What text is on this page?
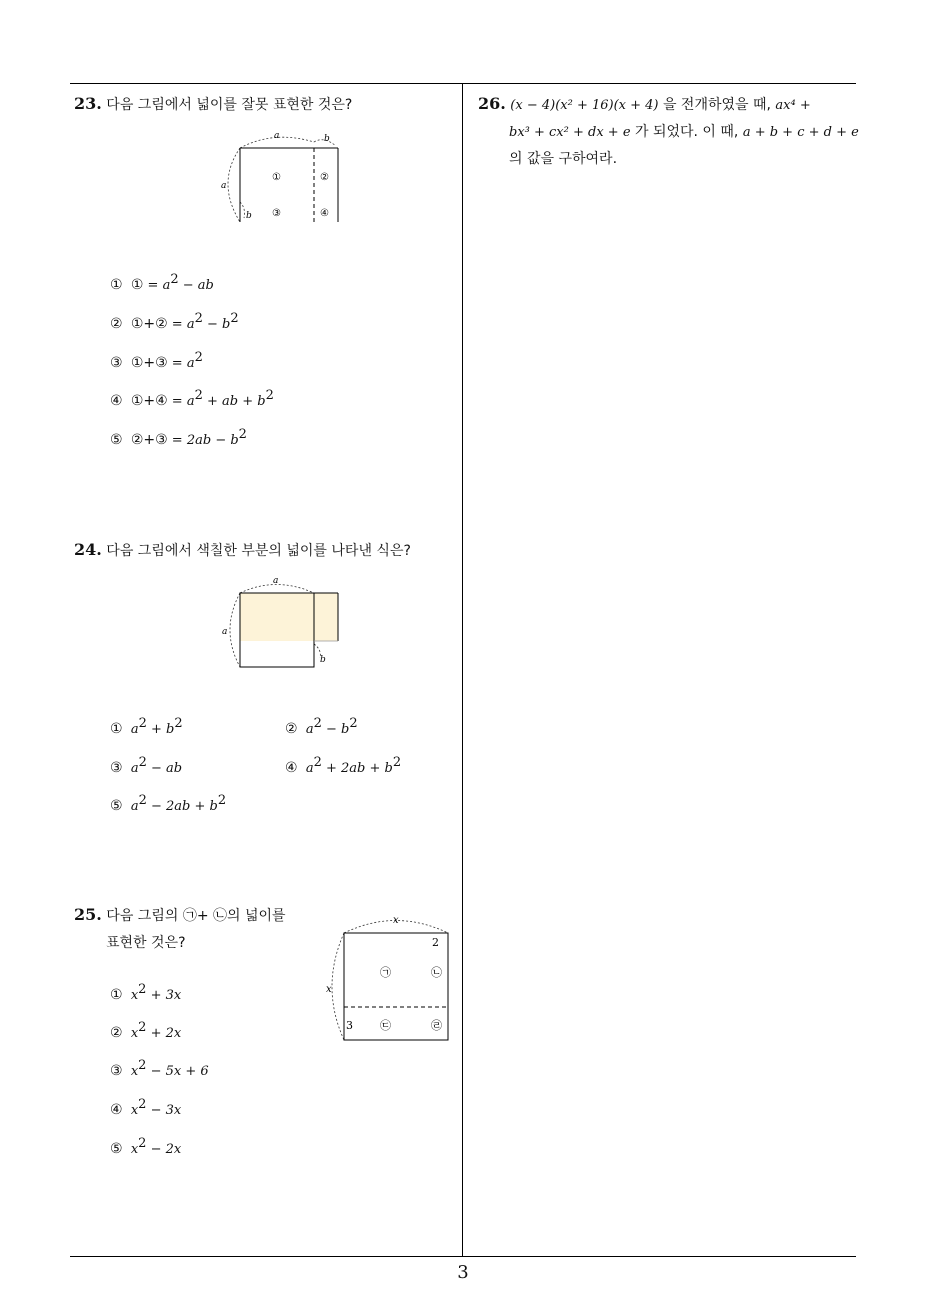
23. 다음 그림에서 넓이를 잘못 표현한 것은?
a	b
a
b
①	②
③	④
① ① = $a^2$ − ab
② ①+② = $a^2 - b^2$
③ ①+③ = $a^2$
④ ①+④ = $a^2$ + ab + $b^2$
⑤ ②+③ = $2ab - b^2$
24. 다음 그림에서 색칠한 부분의 넓이를 나타낸 식은?
a
a
b
① $a^2 + b^2$	② $a^2 - b^2$
③ $a^2$ − ab	④ $a^2 + 2ab + b^2$
⑤ $a^2 - 2ab + b^2$
25. 다음 그림의 ㉠+ ㉡의 넓이를
표현한 것은?
x
x
2
3
㉠	㉡
㉢	㉣
① $x^2 + 3x$
② $x^2 + 2x$
③ $x^2 - 5x + 6$
④ $x^2 - 3x$
⑤ $x^2 - 2x$
26. (x − 4)(x² + 16)(x + 4) 을 전개하였을 때, ax⁴ +
bx³ + cx² + dx + e 가 되었다. 이 때, a + b + c + d + e
의 값을 구하여라.
3
